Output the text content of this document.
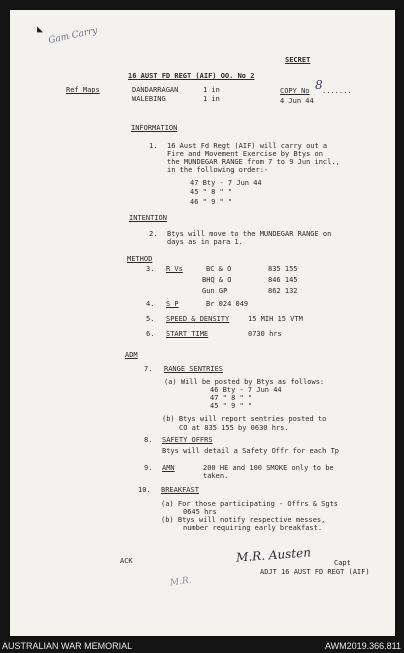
◣ Gam Carry
SECRET
16 AUST FD REGT (AIF) OO. No 2
Ref Maps	DANDARRAGAN	1 in
WALEBING	1 in
COPY No 8 .......
4 Jun 44
INFORMATION
1. 16 Aust Fd Regt (AIF) will carry out a
Fire and Movement Exercise by Btys on
the MUNDEGAR RANGE from 7 to 9 Jun incl.,
in the following order:-
47 Bty - 7 Jun 44
45 " 8 " "
46 " 9 " "
INTENTION
2. Btys will move to the MUNDEGAR RANGE on
days as in para 1.
METHOD
3. R Vs	BC & O	835 155
BHQ & O	846 145
Gun GP	862 132
4. S P	Br 024 049
5. SPEED & DENSITY	15 MIH 15 VTM
6. START TIME	0730 hrs
ADM
7. RANGE SENTRIES
(a) Will be posted by Btys as follows:
46 Bty - 7 Jun 44
47 " 8 " "
45 " 9 " "
(b) Btys will report sentries posted to
CO at 835 155 by 0630 hrs.
8. SAFETY OFFRS
Btys will detail a Safety Offr for each Tp
9. AMN	200 HE and 100 SMOKE only to be
taken.
10. BREAKFAST
(a) For those participating - Offrs & Sgts
0645 hrs
(b) Btys will notify respective messes,
number requiring early breakfast.
ACK	M.R. Austen	Capt
ADJT 16 AUST FD REGT (AIF)
M.R.
AUSTRALIAN WAR MEMORIAL	AWM2019.366.811
